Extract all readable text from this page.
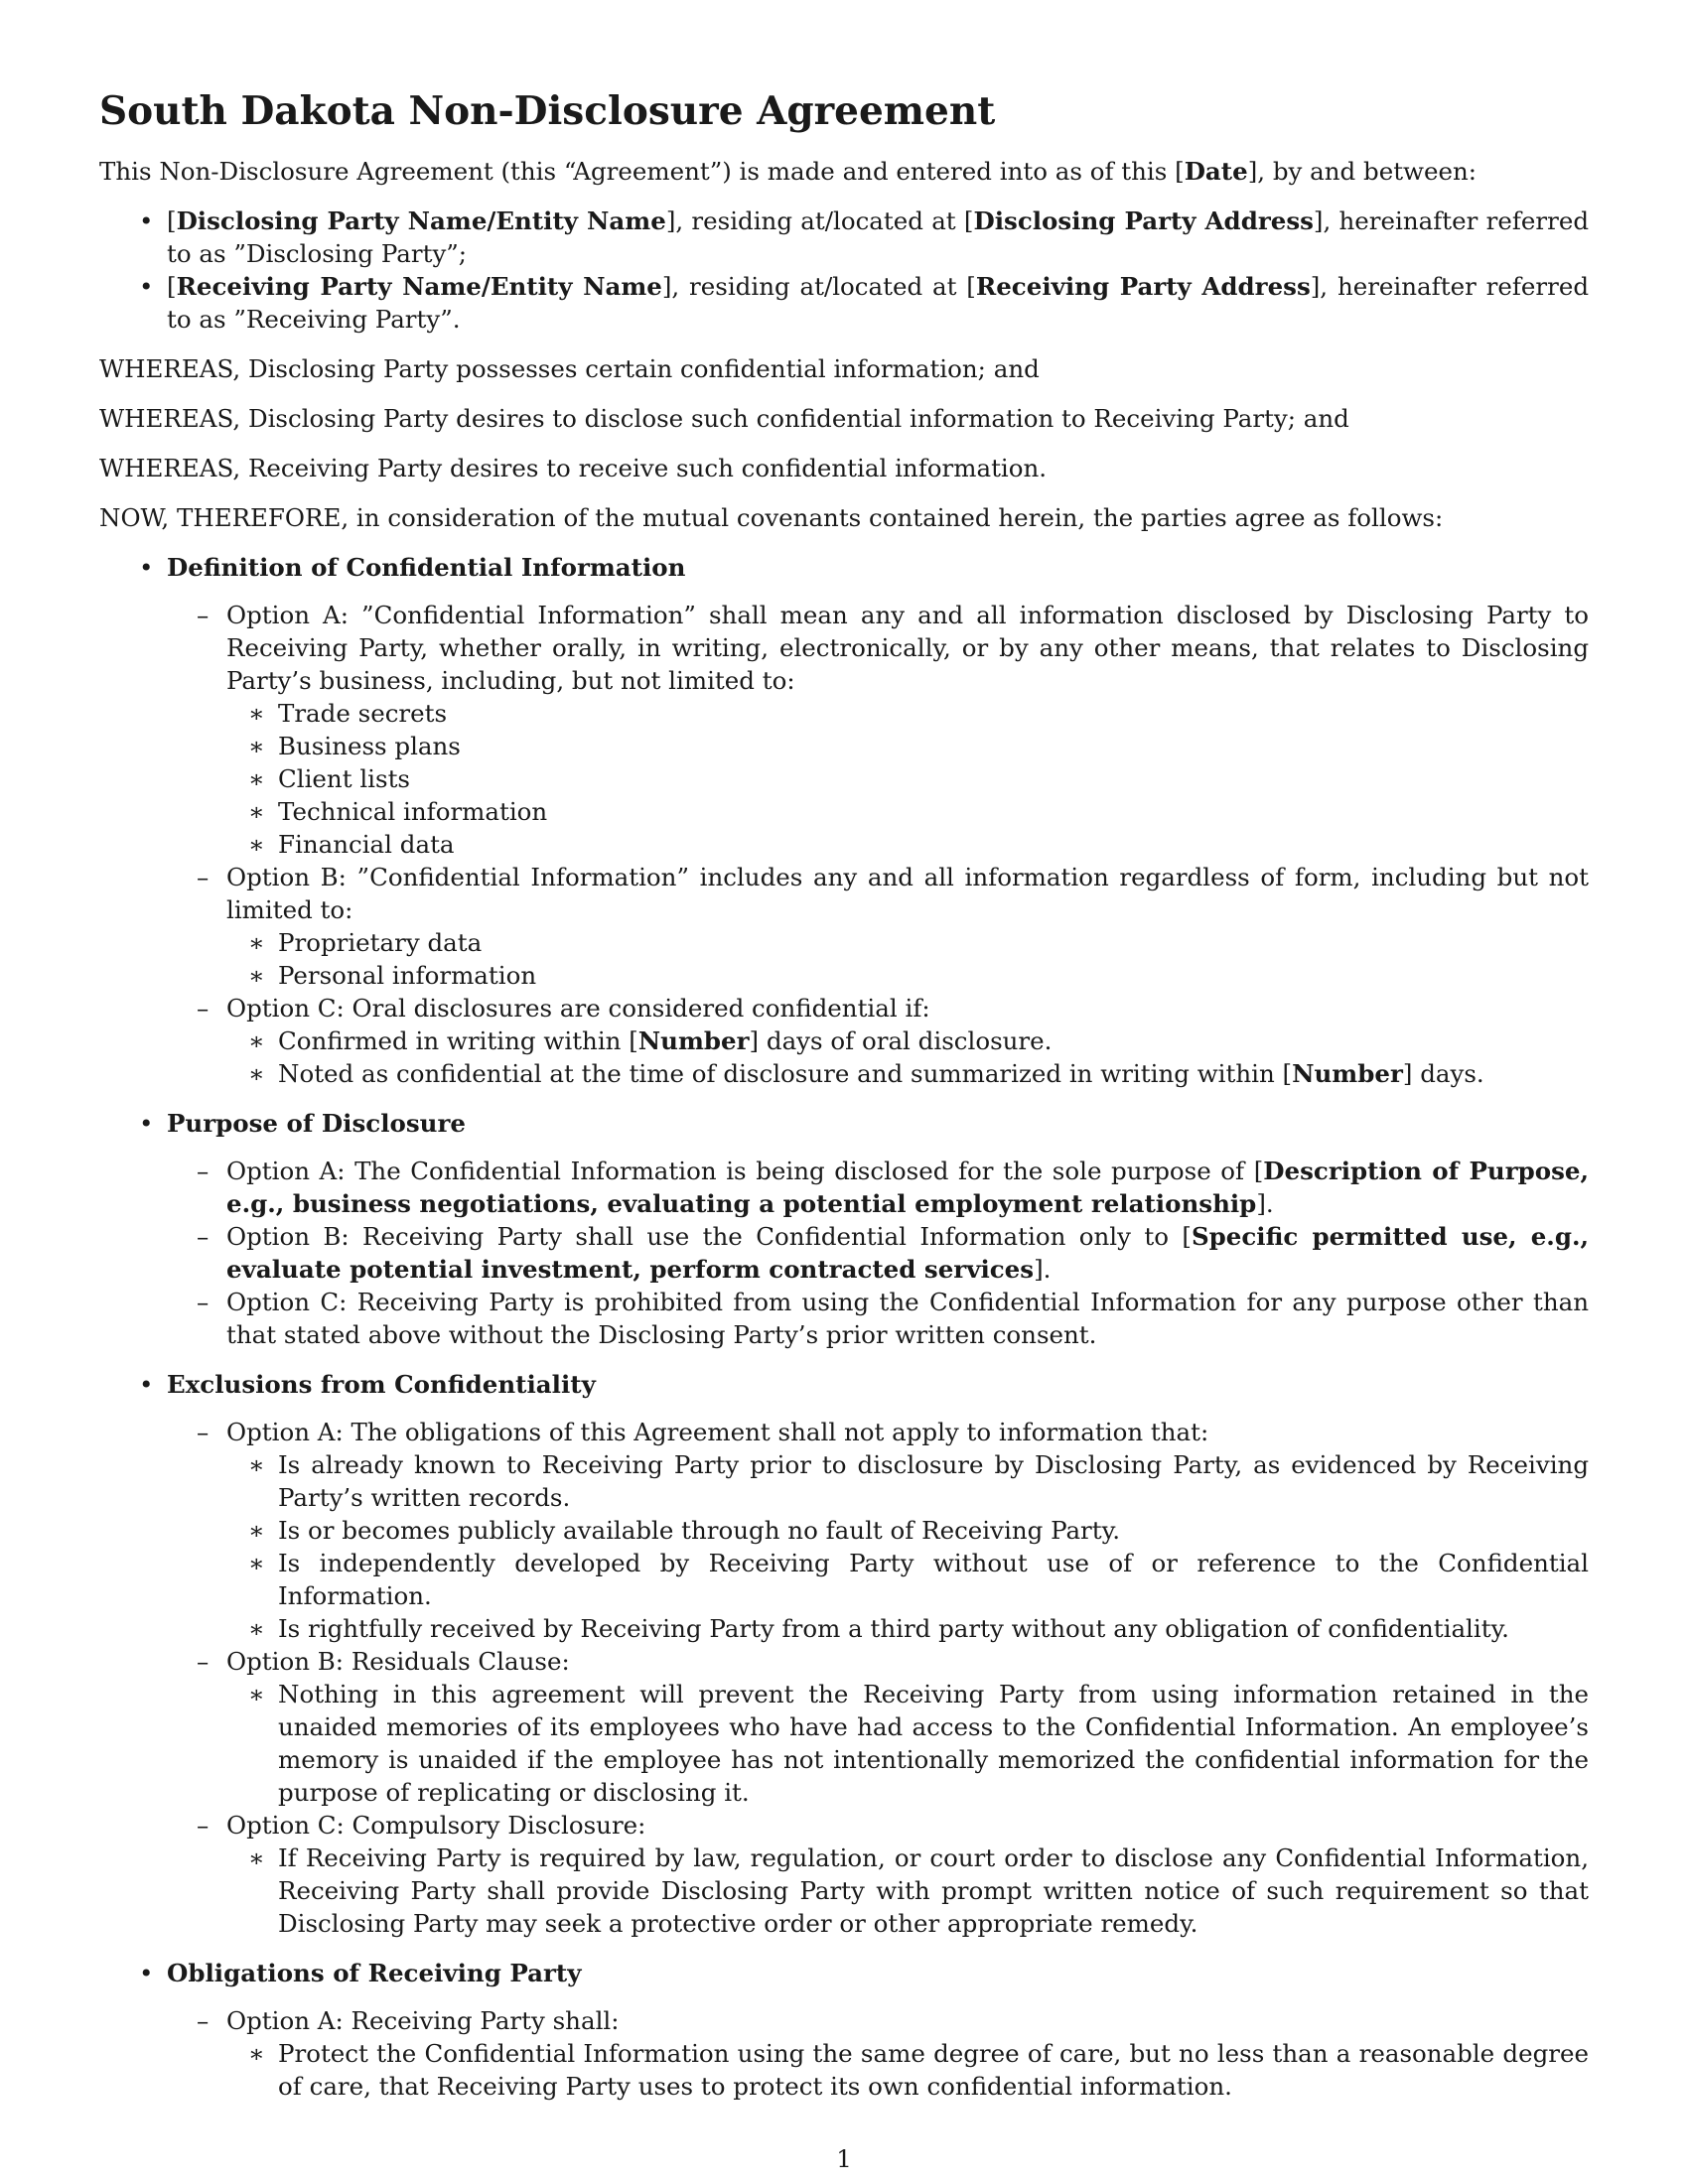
South Dakota Non-Disclosure Agreement

This Non-Disclosure Agreement (this “Agreement”) is made and entered into as of this [Date], by and between:

• [Disclosing Party Name/Entity Name], residing at/located at [Disclosing Party Address], hereinafter referred to as ”Disclosing Party”;
• [Receiving Party Name/Entity Name], residing at/located at [Receiving Party Address], hereinafter referred to as ”Receiving Party”.

WHEREAS, Disclosing Party possesses certain confidential information; and

WHEREAS, Disclosing Party desires to disclose such confidential information to Receiving Party; and

WHEREAS, Receiving Party desires to receive such confidential information.

NOW, THEREFORE, in consideration of the mutual covenants contained herein, the parties agree as follows:

• Definition of Confidential Information
– Option A: ”Confidential Information” shall mean any and all information disclosed by Disclosing Party to Receiving Party, whether orally, in writing, electronically, or by any other means, that relates to Disclosing Party’s business, including, but not limited to:
∗ Trade secrets
∗ Business plans
∗ Client lists
∗ Technical information
∗ Financial data
– Option B: ”Confidential Information” includes any and all information regardless of form, including but not limited to:
∗ Proprietary data
∗ Personal information
– Option C: Oral disclosures are considered confidential if:
∗ Confirmed in writing within [Number] days of oral disclosure.
∗ Noted as confidential at the time of disclosure and summarized in writing within [Number] days.
• Purpose of Disclosure
– Option A: The Confidential Information is being disclosed for the sole purpose of [Description of Purpose, e.g., business negotiations, evaluating a potential employment relationship].
– Option B: Receiving Party shall use the Confidential Information only to [Specific permitted use, e.g., evaluate potential investment, perform contracted services].
– Option C: Receiving Party is prohibited from using the Confidential Information for any purpose other than that stated above without the Disclosing Party’s prior written consent.
• Exclusions from Confidentiality
– Option A: The obligations of this Agreement shall not apply to information that:
∗ Is already known to Receiving Party prior to disclosure by Disclosing Party, as evidenced by Receiving Party’s written records.
∗ Is or becomes publicly available through no fault of Receiving Party.
∗ Is independently developed by Receiving Party without use of or reference to the Confidential Information.
∗ Is rightfully received by Receiving Party from a third party without any obligation of confidentiality.
– Option B: Residuals Clause:
∗ Nothing in this agreement will prevent the Receiving Party from using information retained in the unaided memories of its employees who have had access to the Confidential Information. An employee’s memory is unaided if the employee has not intentionally memorized the confidential information for the purpose of replicating or disclosing it.
– Option C: Compulsory Disclosure:
∗ If Receiving Party is required by law, regulation, or court order to disclose any Confidential Information, Receiving Party shall provide Disclosing Party with prompt written notice of such requirement so that Disclosing Party may seek a protective order or other appropriate remedy.
• Obligations of Receiving Party
– Option A: Receiving Party shall:
∗ Protect the Confidential Information using the same degree of care, but no less than a reasonable degree of care, that Receiving Party uses to protect its own confidential information.
1
